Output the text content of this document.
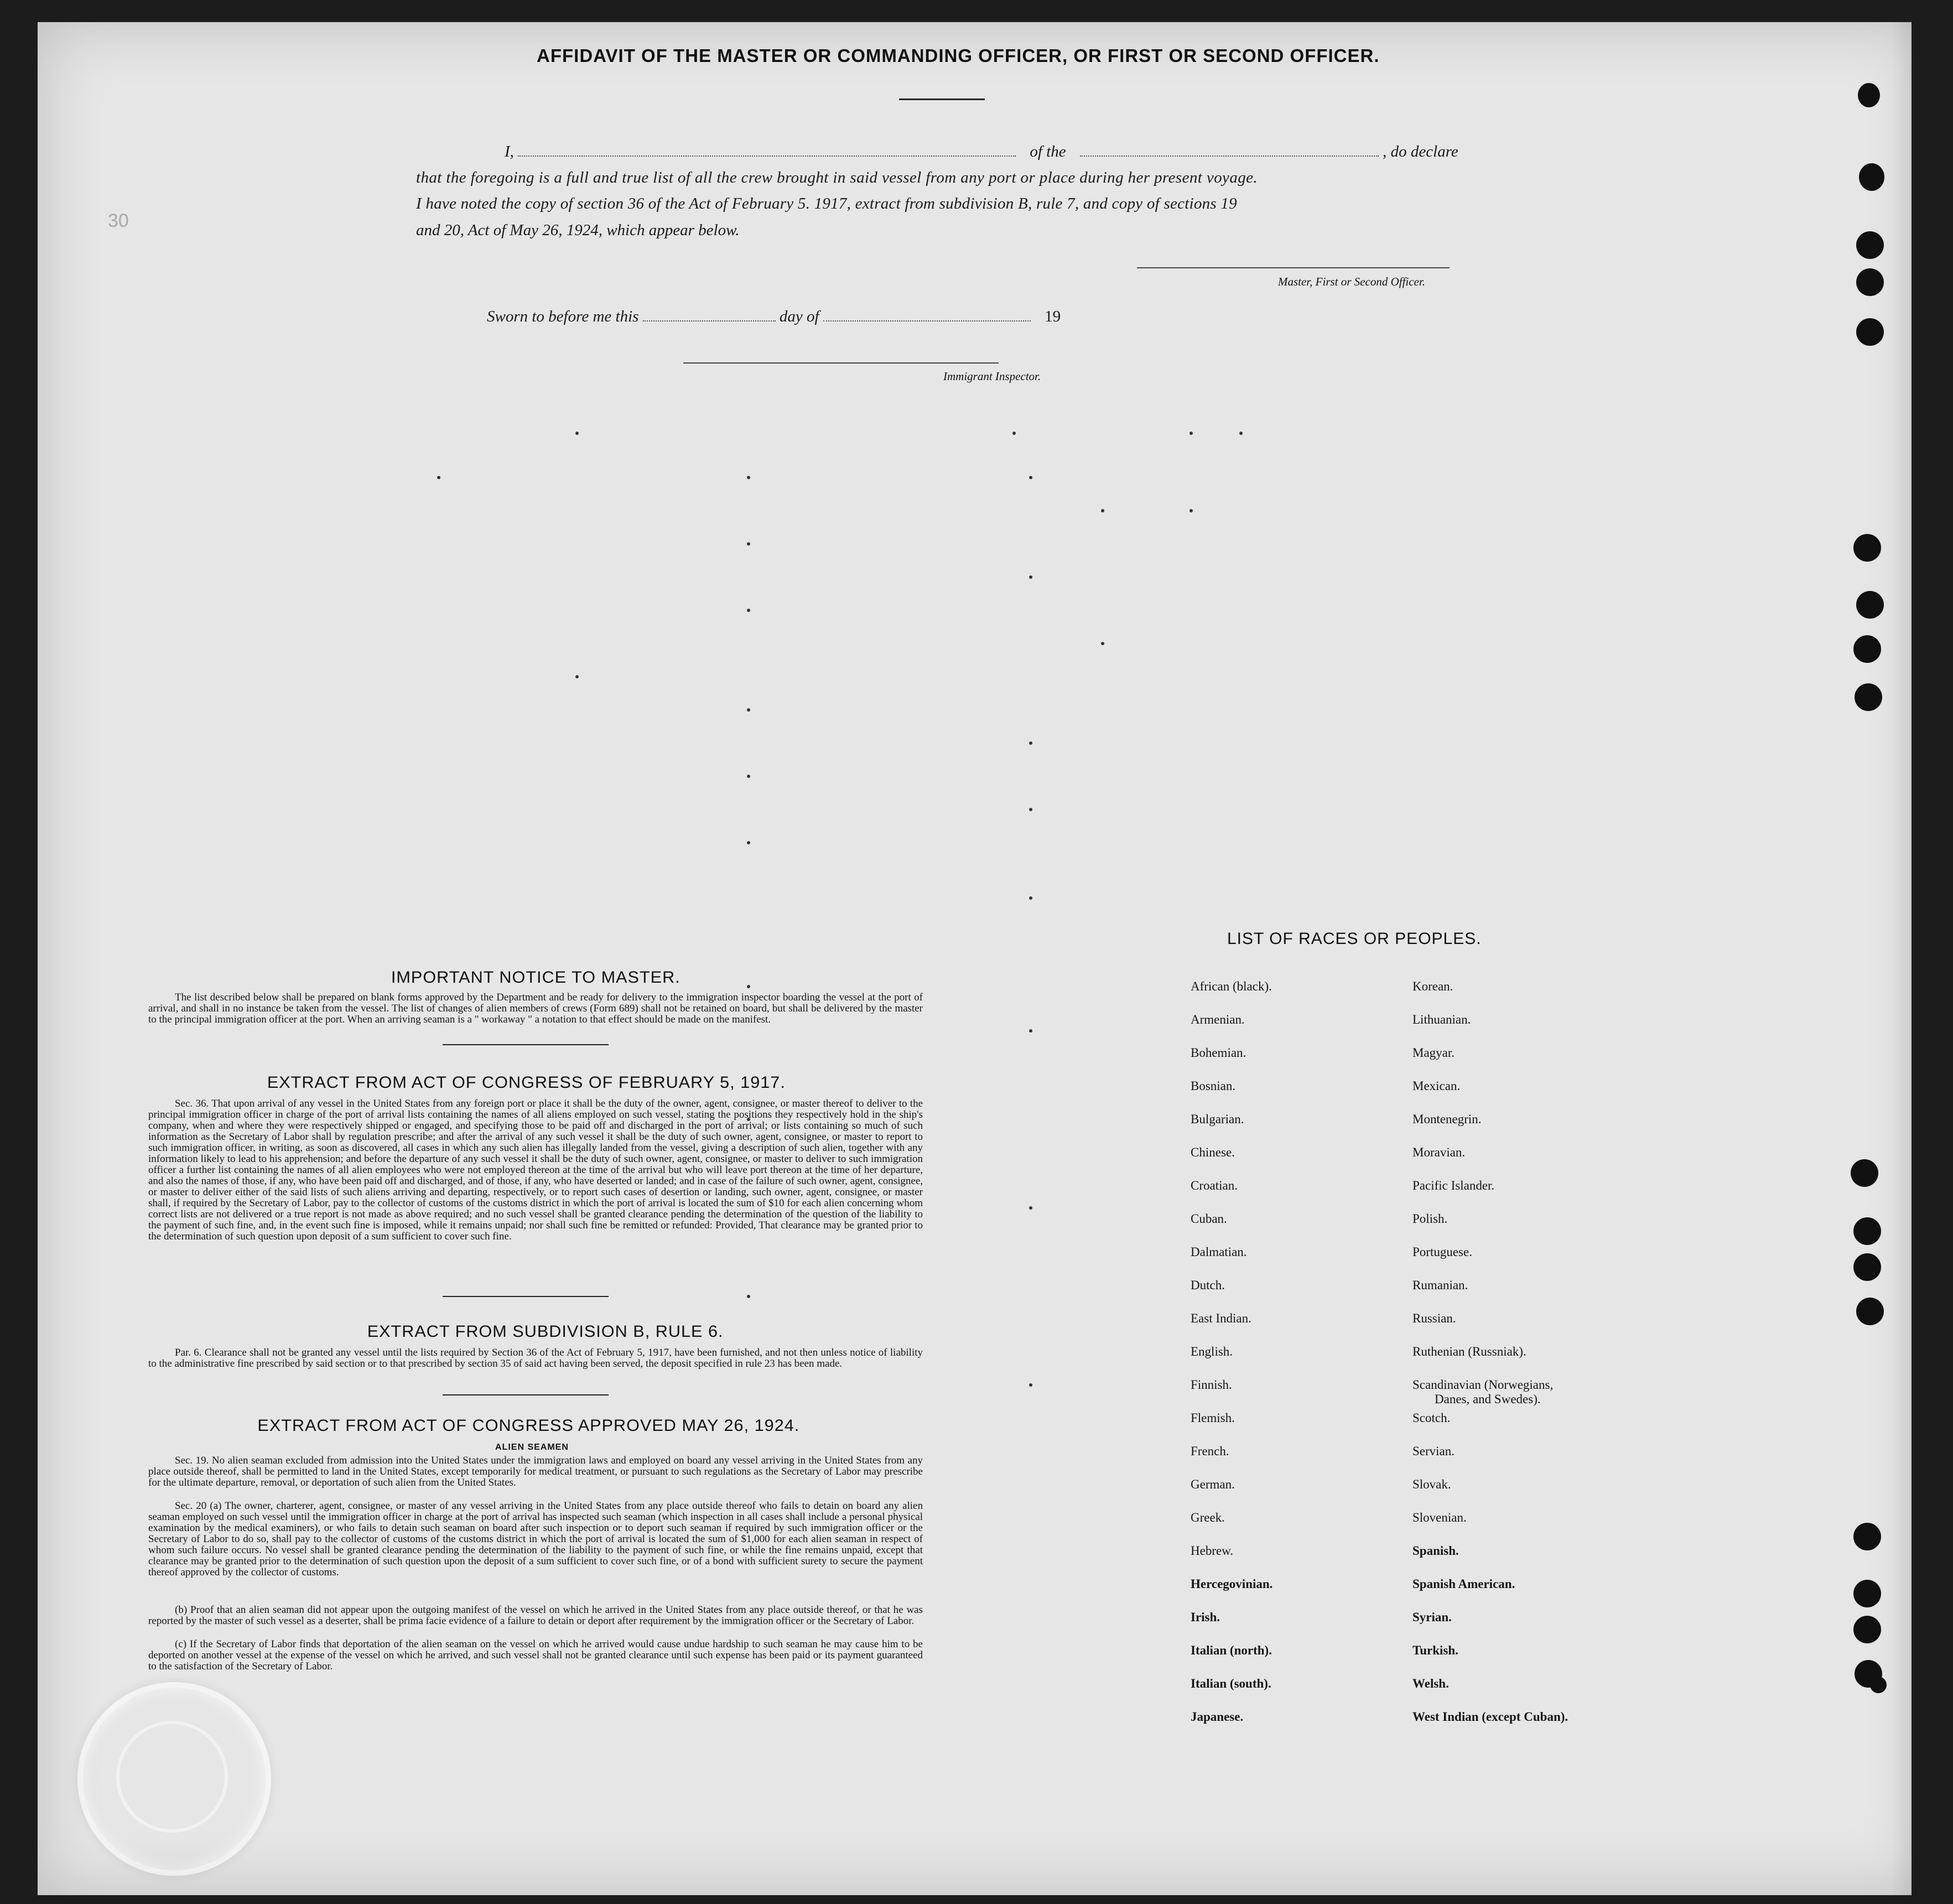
30
AFFIDAVIT OF THE MASTER OR COMMANDING OFFICER, OR FIRST OR SECOND OFFICER.
I,	of the	, do declare
that the foregoing is a full and true list of all the crew brought in said vessel from any port or place during her present voyage.
I have noted the copy of section 36 of the Act of February 5. 1917, extract from subdivision B, rule 7, and copy of sections 19
and 20, Act of May 26, 1924, which appear below.
Master, First or Second Officer.
Sworn to before me this	day of	19
Immigrant Inspector.
IMPORTANT NOTICE TO MASTER.
The list described below shall be prepared on blank forms approved by the Department and be ready for delivery to the immigration inspector boarding the vessel at the port of arrival, and shall in no instance be taken from the vessel. The list of changes of alien members of crews (Form 689) shall not be retained on board, but shall be delivered by the master to the principal immigration officer at the port. When an arriving seaman is a " workaway " a notation to that effect should be made on the manifest.
EXTRACT FROM ACT OF CONGRESS OF FEBRUARY 5, 1917.
Sec. 36. That upon arrival of any vessel in the United States from any foreign port or place it shall be the duty of the owner, agent, consignee, or master thereof to deliver to the principal immigration officer in charge of the port of arrival lists containing the names of all aliens employed on such vessel, stating the positions they respectively hold in the ship's company, when and where they were respectively shipped or engaged, and specifying those to be paid off and discharged in the port of arrival; or lists containing so much of such information as the Secretary of Labor shall by regulation prescribe; and after the arrival of any such vessel it shall be the duty of such owner, agent, consignee, or master to report to such immigration officer, in writing, as soon as discovered, all cases in which any such alien has illegally landed from the vessel, giving a description of such alien, together with any information likely to lead to his apprehension; and before the departure of any such vessel it shall be the duty of such owner, agent, consignee, or master to deliver to such immigration officer a further list containing the names of all alien employees who were not employed thereon at the time of the arrival but who will leave port thereon at the time of her departure, and also the names of those, if any, who have been paid off and discharged, and of those, if any, who have deserted or landed; and in case of the failure of such owner, agent, consignee, or master to deliver either of the said lists of such aliens arriving and departing, respectively, or to report such cases of desertion or landing, such owner, agent, consignee, or master shall, if required by the Secretary of Labor, pay to the collector of customs of the customs district in which the port of arrival is located the sum of $10 for each alien concerning whom correct lists are not delivered or a true report is not made as above required; and no such vessel shall be granted clearance pending the determination of the question of the liability to the payment of such fine, and, in the event such fine is imposed, while it remains unpaid; nor shall such fine be remitted or refunded: Provided, That clearance may be granted prior to the determination of such question upon deposit of a sum sufficient to cover such fine.
EXTRACT FROM SUBDIVISION B, RULE 6.
Par. 6. Clearance shall not be granted any vessel until the lists required by Section 36 of the Act of February 5, 1917, have been furnished, and not then unless notice of liability to the administrative fine prescribed by said section or to that prescribed by section 35 of said act having been served, the deposit specified in rule 23 has been made.
EXTRACT FROM ACT OF CONGRESS APPROVED MAY 26, 1924.
ALIEN SEAMEN
Sec. 19. No alien seaman excluded from admission into the United States under the immigration laws and employed on board any vessel arriving in the United States from any place outside thereof, shall be permitted to land in the United States, except temporarily for medical treatment, or pursuant to such regulations as the Secretary of Labor may prescribe for the ultimate departure, removal, or deportation of such alien from the United States.
Sec. 20 (a) The owner, charterer, agent, consignee, or master of any vessel arriving in the United States from any place outside thereof who fails to detain on board any alien seaman employed on such vessel until the immigration officer in charge at the port of arrival has inspected such seaman (which inspection in all cases shall include a personal physical examination by the medical examiners), or who fails to detain such seaman on board after such inspection or to deport such seaman if required by such immigration officer or the Secretary of Labor to do so, shall pay to the collector of customs of the customs district in which the port of arrival is located the sum of $1,000 for each alien seaman in respect of whom such failure occurs. No vessel shall be granted clearance pending the determination of the liability to the payment of such fine, or while the fine remains unpaid, except that clearance may be granted prior to the determination of such question upon the deposit of a sum sufficient to cover such fine, or of a bond with sufficient surety to secure the payment thereof approved by the collector of customs.
(b) Proof that an alien seaman did not appear upon the outgoing manifest of the vessel on which he arrived in the United States from any place outside thereof, or that he was reported by the master of such vessel as a deserter, shall be prima facie evidence of a failure to detain or deport after requirement by the immigration officer or the Secretary of Labor.
(c) If the Secretary of Labor finds that deportation of the alien seaman on the vessel on which he arrived would cause undue hardship to such seaman he may cause him to be deported on another vessel at the expense of the vessel on which he arrived, and such vessel shall not be granted clearance until such expense has been paid or its payment guaranteed to the satisfaction of the Secretary of Labor.
LIST OF RACES OR PEOPLES.
African (black).
Armenian.
Bohemian.
Bosnian.
Bulgarian.
Chinese.
Croatian.
Cuban.
Dalmatian.
Dutch.
East Indian.
English.
Finnish.
Flemish.
French.
German.
Greek.
Hebrew.
Hercegovinian.
Irish.
Italian (north).
Italian (south).
Japanese.
Korean.
Lithuanian.
Magyar.
Mexican.
Montenegrin.
Moravian.
Pacific Islander.
Polish.
Portuguese.
Rumanian.
Russian.
Ruthenian (Russniak).
Scandinavian (Norwegians,
Danes, and Swedes).
Scotch.
Servian.
Slovak.
Slovenian.
Spanish.
Spanish American.
Syrian.
Turkish.
Welsh.
West Indian (except Cuban).
